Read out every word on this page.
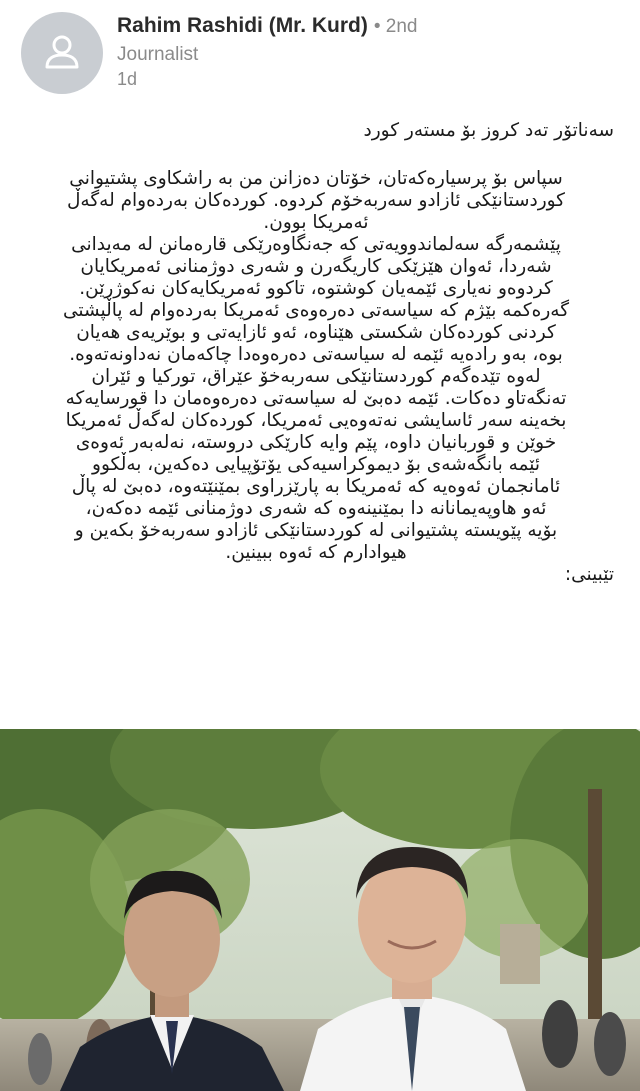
Rahim Rashidi (Mr. Kurd) • 2nd
Journalist
1d
سەناتۆر تەد کروز بۆ مستەر کورد
سپاس بۆ پرسیارەکەتان، خۆتان دەزانن من بە راشکاوی پشتیوانی
کوردستانێکی ئازادو سەربەخۆم کردوە. کوردەکان بەردەوام لەگەڵ
ئەمریکا بوون.
پێشمەرگە سەلماندوویەتی کە جەنگاوەرێکی قارەمانن لە مەیدانی
شەردا، ئەوان هێزێکی کاریگەرن و شەری دوژمنانی ئەمریکایان
کردوەو نەیاری ئێمەیان کوشتوە، تاکوو ئەمریکایەکان نەکوژرێن.
گەرەکمە بێژم کە سیاسەتی دەرەوەی ئەمریکا بەردەوام لە پاڵپشتی
کردنی کوردەکان شکستی هێناوە، ئەو ئازایەتی و بوێریەی هەیان
بوە، بەو رادەیە ئێمە لە سیاسەتی دەرەوەدا چاکەمان نەداونەتەوە.
لەوە تێدەگەم کوردستانێکی سەربەخۆ عێراق، تورکیا و ئێران
تەنگەتاو دەکات. ئێمە دەبێ لە سیاسەتی دەرەوەمان دا قورسایەکە
بخەینە سەر ئاسایشی نەتەوەیی ئەمریکا، کوردەکان لەگەڵ ئەمریکا
خوێن و قوربانیان داوە، پێم وایە کارێکی دروستە، نەلەبەر ئەوەی
ئێمە بانگەشەی بۆ دیموکراسیەکی یۆتۆپیایی دەکەین، بەڵکوو
ئامانجمان ئەوەیە کە ئەمریکا بە پارێزراوی بمێنێتەوە، دەبێ لە پاڵ
ئەو هاوپەیمانانە دا بمێنینەوە کە شەری دوژمنانی ئێمە دەکەن،
بۆیە پێویستە پشتیوانی لە کوردستانێکی ئازادو سەربەخۆ بکەین و
هیوادارم کە ئەوە ببینین.
تێبینی:
